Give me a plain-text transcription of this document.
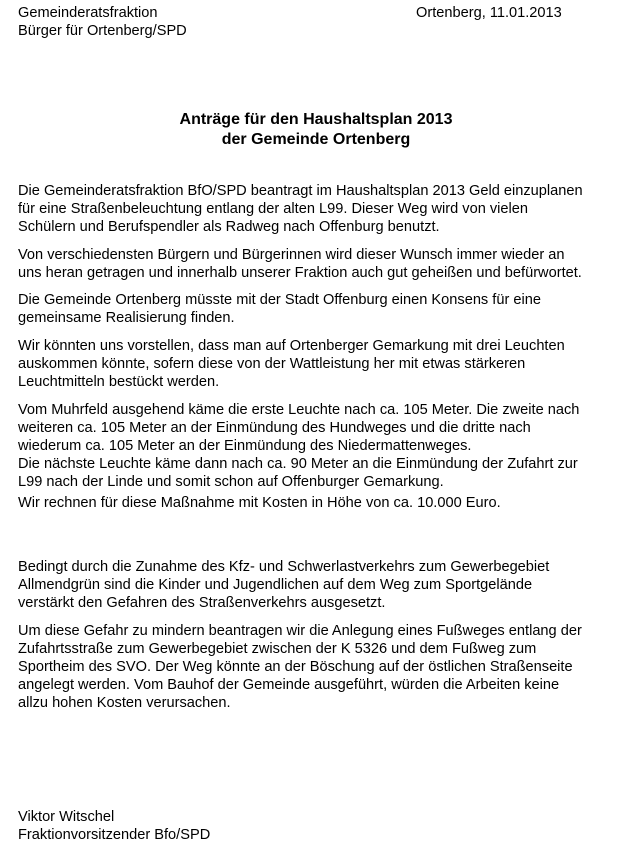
Gemeinderatsfraktion
Bürger für Ortenberg/SPD
Ortenberg, 11.01.2013
Anträge für den Haushaltsplan 2013
der Gemeinde Ortenberg
Die Gemeinderatsfraktion BfO/SPD beantragt im Haushaltsplan 2013 Geld einzuplanen
für eine Straßenbeleuchtung entlang der alten L99. Dieser Weg wird von vielen
Schülern und Berufspendler als Radweg nach Offenburg benutzt.
Von verschiedensten Bürgern und Bürgerinnen wird dieser Wunsch immer wieder an
uns heran getragen und innerhalb unserer Fraktion auch gut geheißen und befürwortet.
Die Gemeinde Ortenberg müsste mit der Stadt Offenburg einen Konsens für eine
gemeinsame Realisierung finden.
Wir könnten uns vorstellen, dass man auf Ortenberger Gemarkung mit drei Leuchten
auskommen könnte, sofern diese von der Wattleistung her mit etwas stärkeren
Leuchtmitteln bestückt werden.
Vom Muhrfeld ausgehend käme die erste Leuchte nach ca. 105 Meter. Die zweite nach
weiteren ca. 105 Meter an der Einmündung des Hundweges und die dritte nach
wiederum ca. 105 Meter an der Einmündung des Niedermattenweges.
Die nächste Leuchte käme dann nach ca. 90 Meter an die Einmündung der Zufahrt zur
L99 nach der Linde und somit schon auf Offenburger Gemarkung.
Wir rechnen für diese Maßnahme mit Kosten in Höhe von ca. 10.000 Euro.
Bedingt durch die Zunahme des Kfz- und Schwerlastverkehrs zum Gewerbegebiet
Allmendgrün sind die Kinder und Jugendlichen auf dem Weg zum Sportgelände
verstärkt den Gefahren des Straßenverkehrs ausgesetzt.
Um diese Gefahr zu mindern beantragen wir die Anlegung eines Fußweges entlang der
Zufahrtsstraße zum Gewerbegebiet zwischen der K 5326 und dem Fußweg zum
Sportheim des SVO. Der Weg könnte an der Böschung auf der östlichen Straßenseite
angelegt werden. Vom Bauhof der Gemeinde ausgeführt, würden die Arbeiten keine
allzu hohen Kosten verursachen.
Viktor Witschel
Fraktionvorsitzender Bfo/SPD
